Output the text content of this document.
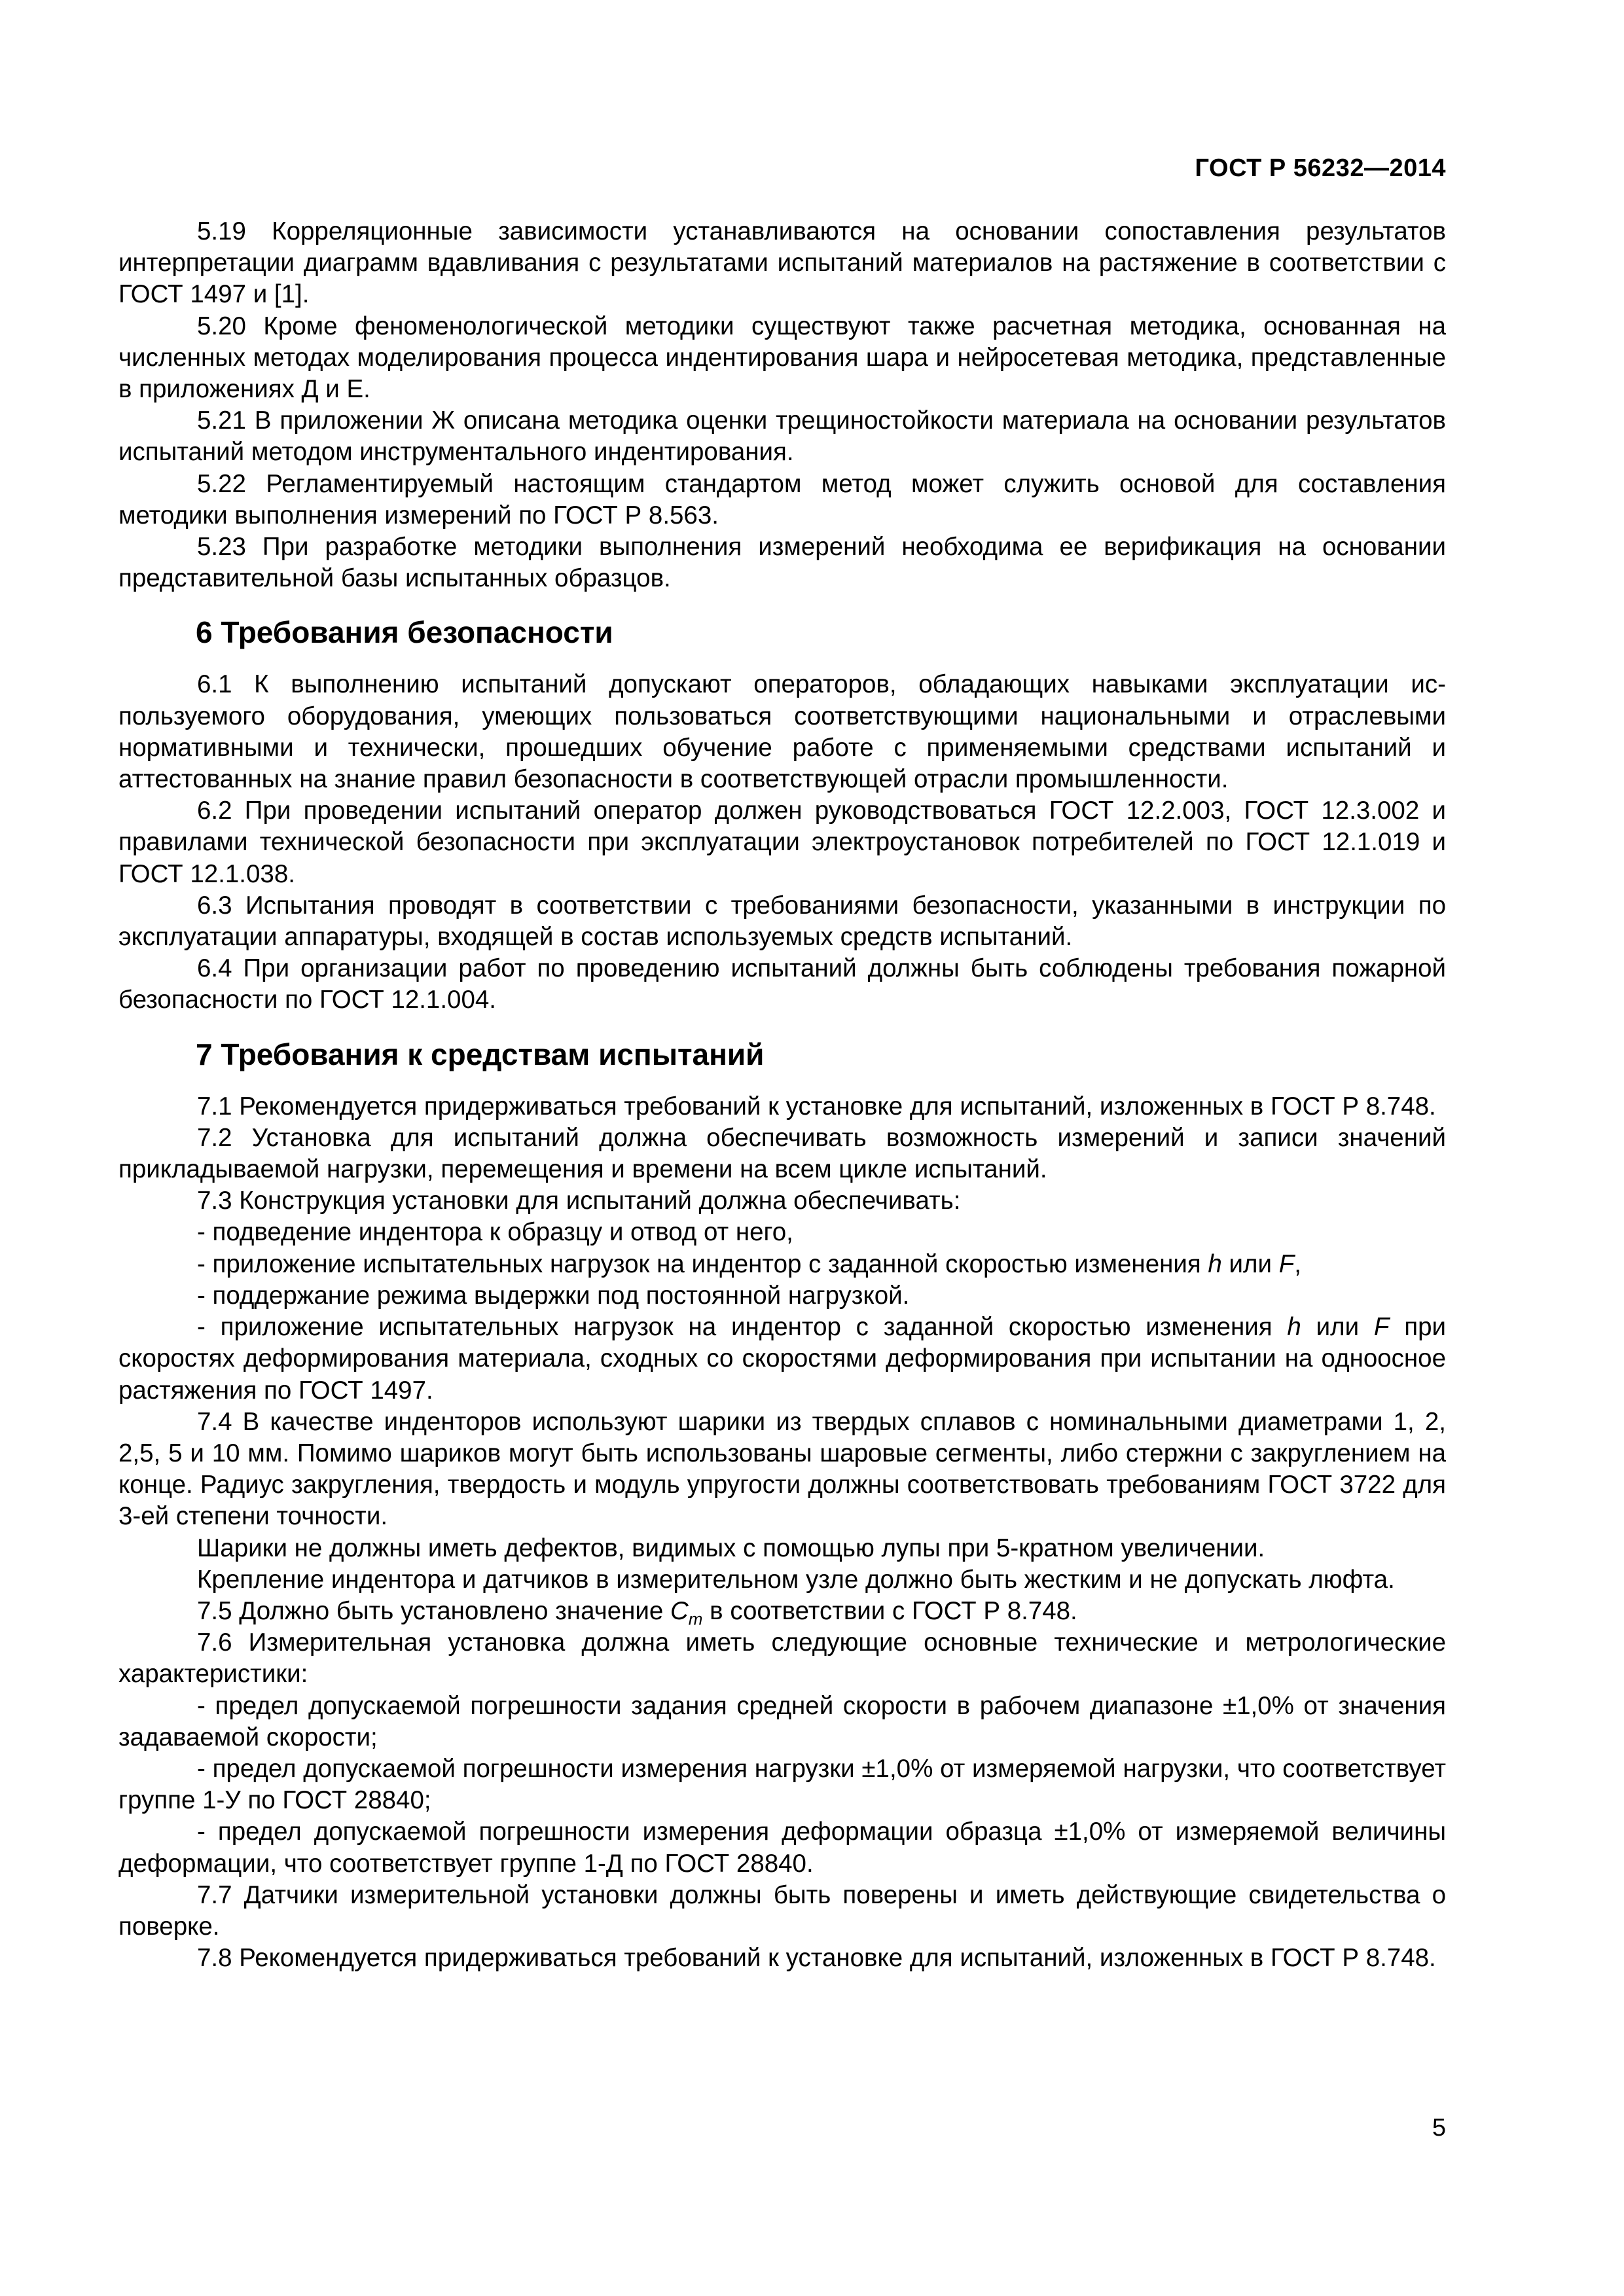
ГОСТ Р 56232—2014

5.19 Корреляционные зависимости устанавливаются на основании сопоставления результатов интерпретации диаграмм вдавливания с результатами испытаний материалов на растяжение в соответствии с ГОСТ 1497 и [1].

5.20 Кроме феноменологической методики существуют также расчетная методика, основанная на численных методах моделирования процесса индентирования шара и нейросетевая методика, представленные в приложениях Д и Е.

5.21 В приложении Ж описана методика оценки трещиностойкости материала на основании результатов испытаний методом инструментального индентирования.

5.22 Регламентируемый настоящим стандартом метод может служить основой для составления методики выполнения измерений по ГОСТ Р 8.563.

5.23 При разработке методики выполнения измерений необходима ее верификация на основании представительной базы испытанных образцов.

6 Требования безопасности

6.1 К выполнению испытаний допускают операторов, обладающих навыками эксплуатации используемого оборудования, умеющих пользоваться соответствующими национальными и отраслевыми нормативными и технически, прошедших обучение работе с применяемыми средствами испытаний и аттестованных на знание правил безопасности в соответствующей отрасли промышленности.

6.2 При проведении испытаний оператор должен руководствоваться ГОСТ 12.2.003, ГОСТ 12.3.002 и правилами технической безопасности при эксплуатации электроустановок потребителей по ГОСТ 12.1.019 и ГОСТ 12.1.038.

6.3 Испытания проводят в соответствии с требованиями безопасности, указанными в инструкции по эксплуатации аппаратуры, входящей в состав используемых средств испытаний.

6.4 При организации работ по проведению испытаний должны быть соблюдены требования пожарной безопасности по ГОСТ 12.1.004.

7 Требования к средствам испытаний

7.1 Рекомендуется придерживаться требований к установке для испытаний, изложенных в ГОСТ Р 8.748.

7.2 Установка для испытаний должна обеспечивать возможность измерений и записи значений прикладываемой нагрузки, перемещения и времени на всем цикле испытаний.

7.3 Конструкция установки для испытаний должна обеспечивать:

- подведение индентора к образцу и отвод от него,

- приложение испытательных нагрузок на индентор с заданной скоростью изменения h или F,

- поддержание режима выдержки под постоянной нагрузкой.

- приложение испытательных нагрузок на индентор с заданной скоростью изменения h или F при скоростях деформирования материала, сходных со скоростями деформирования при испытании на одноосное растяжения по ГОСТ 1497.

7.4 В качестве инденторов используют шарики из твердых сплавов с номинальными диаметрами 1, 2, 2,5, 5 и 10 мм. Помимо шариков могут быть использованы шаровые сегменты, либо стержни с закруглением на конце. Радиус закругления, твердость и модуль упругости должны соответствовать требованиям ГОСТ 3722 для 3-ей степени точности.

Шарики не должны иметь дефектов, видимых с помощью лупы при 5-кратном увеличении.

Крепление индентора и датчиков в измерительном узле должно быть жестким и не допускать люфта.

7.5 Должно быть установлено значение $C_m$ в соответствии с ГОСТ Р 8.748.

7.6 Измерительная установка должна иметь следующие основные технические и метрологические характеристики:

- предел допускаемой погрешности задания средней скорости в рабочем диапазоне ±1,0% от значения задаваемой скорости;

- предел допускаемой погрешности измерения нагрузки ±1,0% от измеряемой нагрузки, что соответствует группе 1-У по ГОСТ 28840;

- предел допускаемой погрешности измерения деформации образца ±1,0% от измеряемой величины деформации, что соответствует группе 1-Д по ГОСТ 28840.

7.7 Датчики измерительной установки должны быть поверены и иметь действующие свидетельства о поверке.

7.8 Рекомендуется придерживаться требований к установке для испытаний, изложенных в ГОСТ Р 8.748.

5
